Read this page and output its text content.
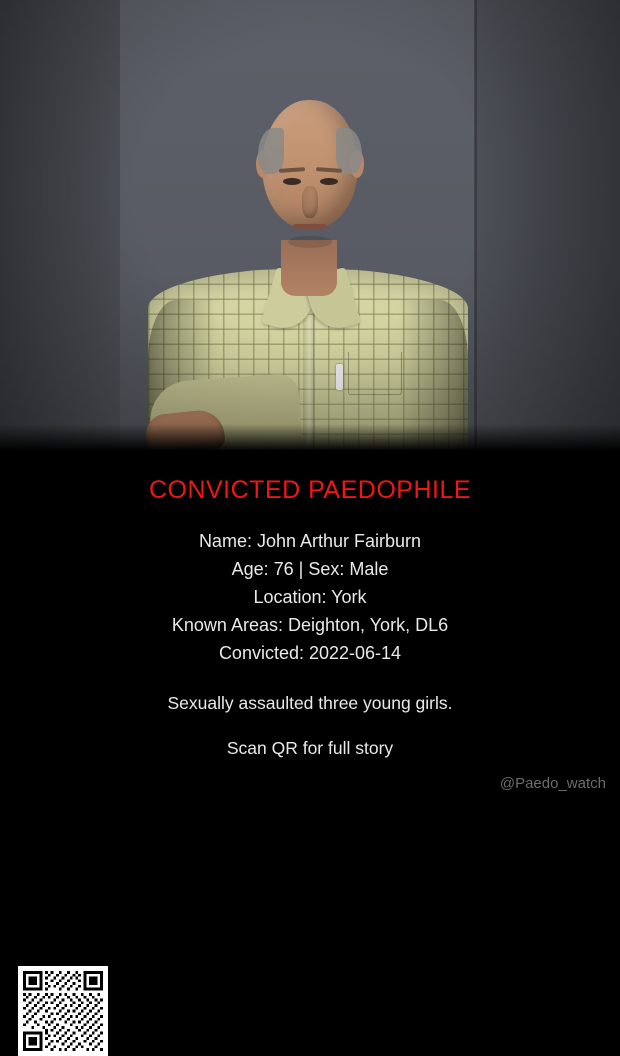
CONVICTED PAEDOPHILE
Name: John Arthur Fairburn
Age: 76 | Sex: Male
Location: York
Known Areas: Deighton, York, DL6
Convicted: 2022-06-14
Sexually assaulted three young girls.
Scan QR for full story
@Paedo_watch
